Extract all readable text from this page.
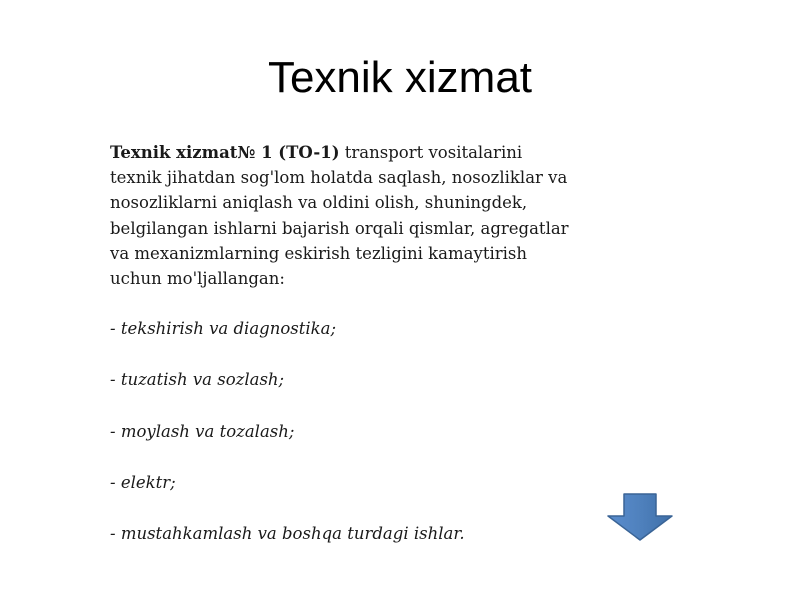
Texnik xizmat

Texnik xizmat№ 1 (TO-1) transport vositalarini
texnik jihatdan sog'lom holatda saqlash, nosozliklar va
nosozliklarni aniqlash va oldini olish, shuningdek,
belgilangan ishlarni bajarish orqali qismlar, agregatlar
va mexanizmlarning eskirish tezligini kamaytirish
uchun mo'ljallangan:

- tekshirish va diagnostika;

- tuzatish va sozlash;

- moylash va tozalash;

- elektr;

- mustahkamlash va boshqa turdagi ishlar.
